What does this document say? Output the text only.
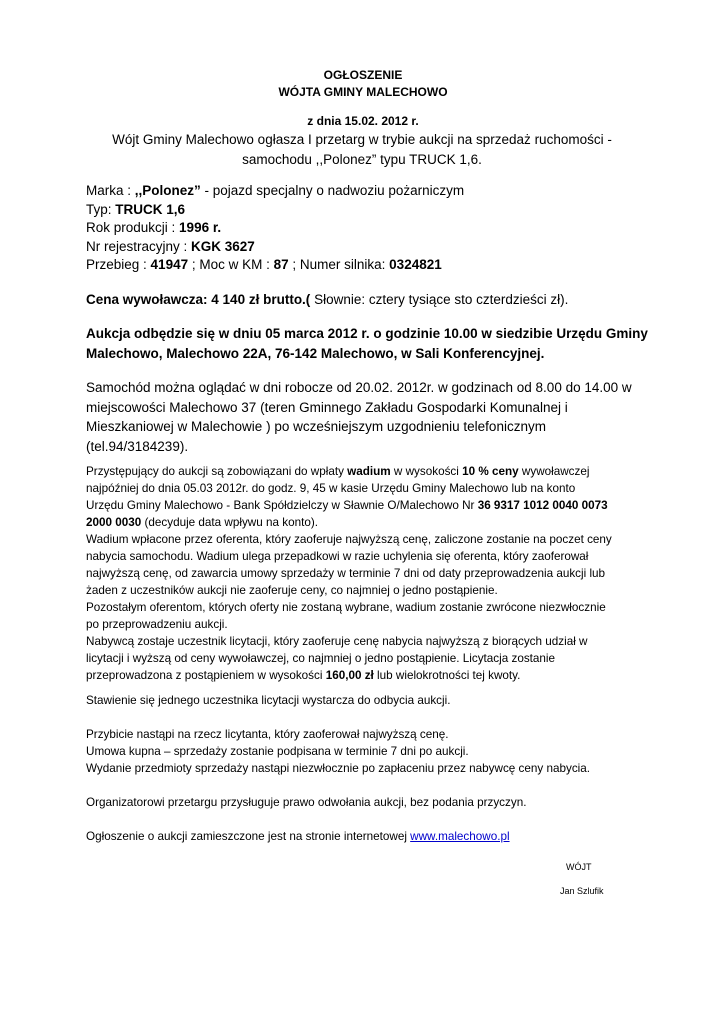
OGŁOSZENIE
WÓJTA GMINY MALECHOWO
z dnia 15.02. 2012 r.
Wójt Gminy Malechowo ogłasza I przetarg w trybie aukcji na sprzedaż ruchomości -
samochodu ,,Polonez” typu TRUCK 1,6.
Marka : ,,Polonez” - pojazd specjalny o nadwoziu pożarniczym
Typ: TRUCK 1,6
Rok produkcji : 1996 r.
Nr rejestracyjny : KGK 3627
Przebieg : 41947 ; Moc w KM : 87 ; Numer silnika: 0324821
Cena wywoławcza: 4 140 zł brutto.( Słownie: cztery tysiące sto czterdzieści zł).
Aukcja odbędzie się w dniu 05 marca 2012 r. o godzinie 10.00 w siedzibie Urzędu Gminy
Malechowo, Malechowo 22A, 76-142 Malechowo, w Sali Konferencyjnej.
Samochód można oglądać w dni robocze od 20.02. 2012r. w godzinach od 8.00 do 14.00 w
miejscowości Malechowo 37 (teren Gminnego Zakładu Gospodarki Komunalnej i
Mieszkaniowej w Malechowie ) po wcześniejszym uzgodnieniu telefonicznym
(tel.94/3184239).
Przystępujący do aukcji są zobowiązani do wpłaty wadium w wysokości 10 % ceny wywoławczej
najpóźniej do dnia 05.03 2012r. do godz. 9, 45 w kasie Urzędu Gminy Malechowo lub na konto
Urzędu Gminy Malechowo - Bank Spółdzielczy w Sławnie O/Malechowo Nr 36 9317 1012 0040 0073
2000 0030 (decyduje data wpływu na konto).
Wadium wpłacone przez oferenta, który zaoferuje najwyższą cenę, zaliczone zostanie na poczet ceny
nabycia samochodu. Wadium ulega przepadkowi w razie uchylenia się oferenta, który zaoferował
najwyższą cenę, od zawarcia umowy sprzedaży w terminie 7 dni od daty przeprowadzenia aukcji lub
żaden z uczestników aukcji nie zaoferuje ceny, co najmniej o jedno postąpienie.
Pozostałym oferentom, których oferty nie zostaną wybrane, wadium zostanie zwrócone niezwłocznie
po przeprowadzeniu aukcji.
Nabywcą zostaje uczestnik licytacji, który zaoferuje cenę nabycia najwyższą z biorących udział w
licytacji i wyższą od ceny wywoławczej, co najmniej o jedno postąpienie. Licytacja zostanie
przeprowadzona z postąpieniem w wysokości 160,00 zł lub wielokrotności tej kwoty.
Stawienie się jednego uczestnika licytacji wystarcza do odbycia aukcji.
Przybicie nastąpi na rzecz licytanta, który zaoferował najwyższą cenę.
Umowa kupna – sprzedaży zostanie podpisana w terminie 7 dni po aukcji.
Wydanie przedmioty sprzedaży nastąpi niezwłocznie po zapłaceniu przez nabywcę ceny nabycia.
Organizatorowi przetargu przysługuje prawo odwołania aukcji, bez podania przyczyn.
Ogłoszenie o aukcji zamieszczone jest na stronie internetowej www.malechowo.pl
WÓJT
Jan Szlufik
